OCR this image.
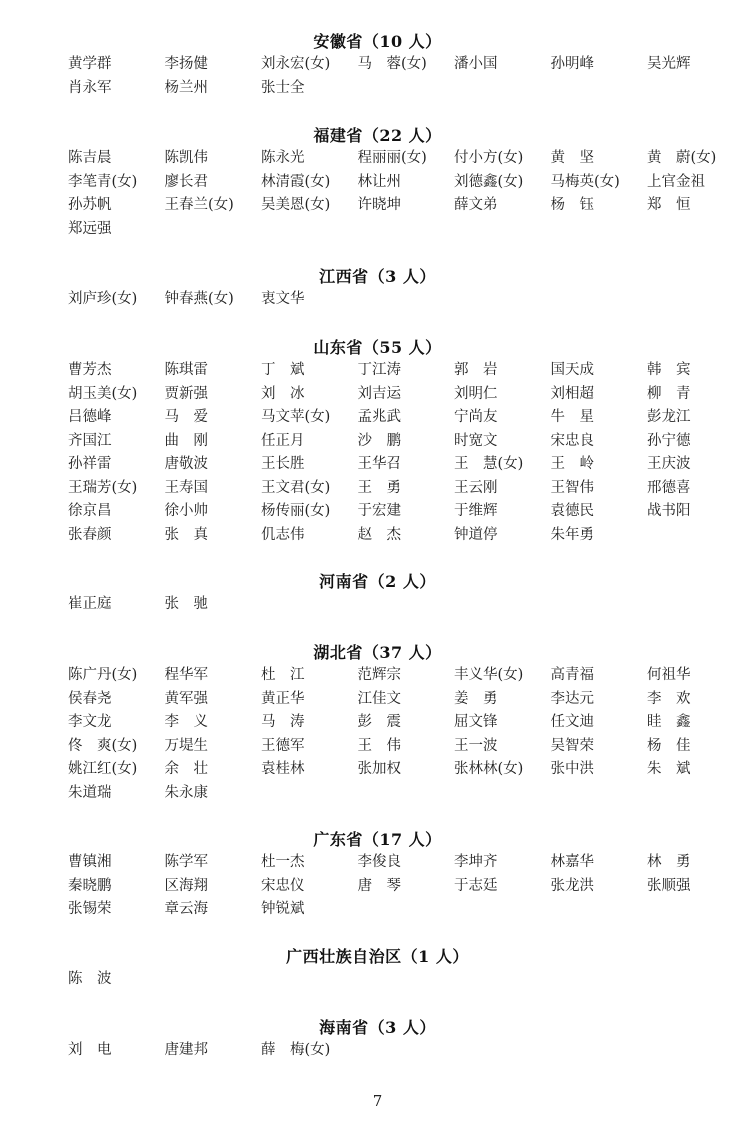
安徽省（10 人）
黄学群	李扬健	刘永宏(女)	马　蓉(女)	潘小国	孙明峰	吴光辉
肖永军	杨兰州	张士全
福建省（22 人）
陈吉晨	陈凯伟	陈永光	程丽丽(女)	付小方(女)	黄　坚	黄　蔚(女)
李笔青(女)	廖长君	林清霞(女)	林让州	刘德鑫(女)	马梅英(女)	上官金祖
孙苏帆	王春兰(女)	吴美恩(女)	许晓坤	薛文弟	杨　钰	郑　恒
郑远强
江西省（3 人）
刘庐珍(女)	钟春燕(女)	衷文华
山东省（55 人）
曹芳杰	陈琪雷	丁　斌	丁江涛	郭　岩	国天成	韩　宾
胡玉美(女)	贾新强	刘　冰	刘吉运	刘明仁	刘相超	柳　青
吕德峰	马　爱	马文苹(女)	孟兆武	宁尚友	牛　星	彭龙江
齐国江	曲　刚	任正月	沙　鹏	时宽文	宋忠良	孙宁德
孙祥雷	唐敬波	王长胜	王华召	王　慧(女)	王　岭	王庆波
王瑞芳(女)	王寿国	王文君(女)	王　勇	王云刚	王智伟	邢德喜
徐京昌	徐小帅	杨传丽(女)	于宏建	于维辉	袁德民	战书阳
张春颜	张　真	仉志伟	赵　杰	钟道停	朱年勇
河南省（2 人）
崔正庭	张　驰
湖北省（37 人）
陈广丹(女)	程华军	杜　江	范辉宗	丰义华(女)	高青福	何祖华
侯春尧	黄军强	黄正华	江佳文	姜　勇	李达元	李　欢
李文龙	李　义	马　涛	彭　震	屈文锋	任文迪	眭　鑫
佟　爽(女)	万堤生	王德军	王　伟	王一波	吴智荣	杨　佳
姚江红(女)	余　壮	袁桂林	张加权	张林林(女)	张中洪	朱　斌
朱道瑞	朱永康
广东省（17 人）
曹镇湘	陈学军	杜一杰	李俊良	李坤齐	林嘉华	林　勇
秦晓鹏	区海翔	宋忠仪	唐　琴	于志廷	张龙洪	张顺强
张锡荣	章云海	钟锐斌
广西壮族自治区（1 人）
陈　波
海南省（3 人）
刘　电	唐建邦	薛　梅(女)
7
